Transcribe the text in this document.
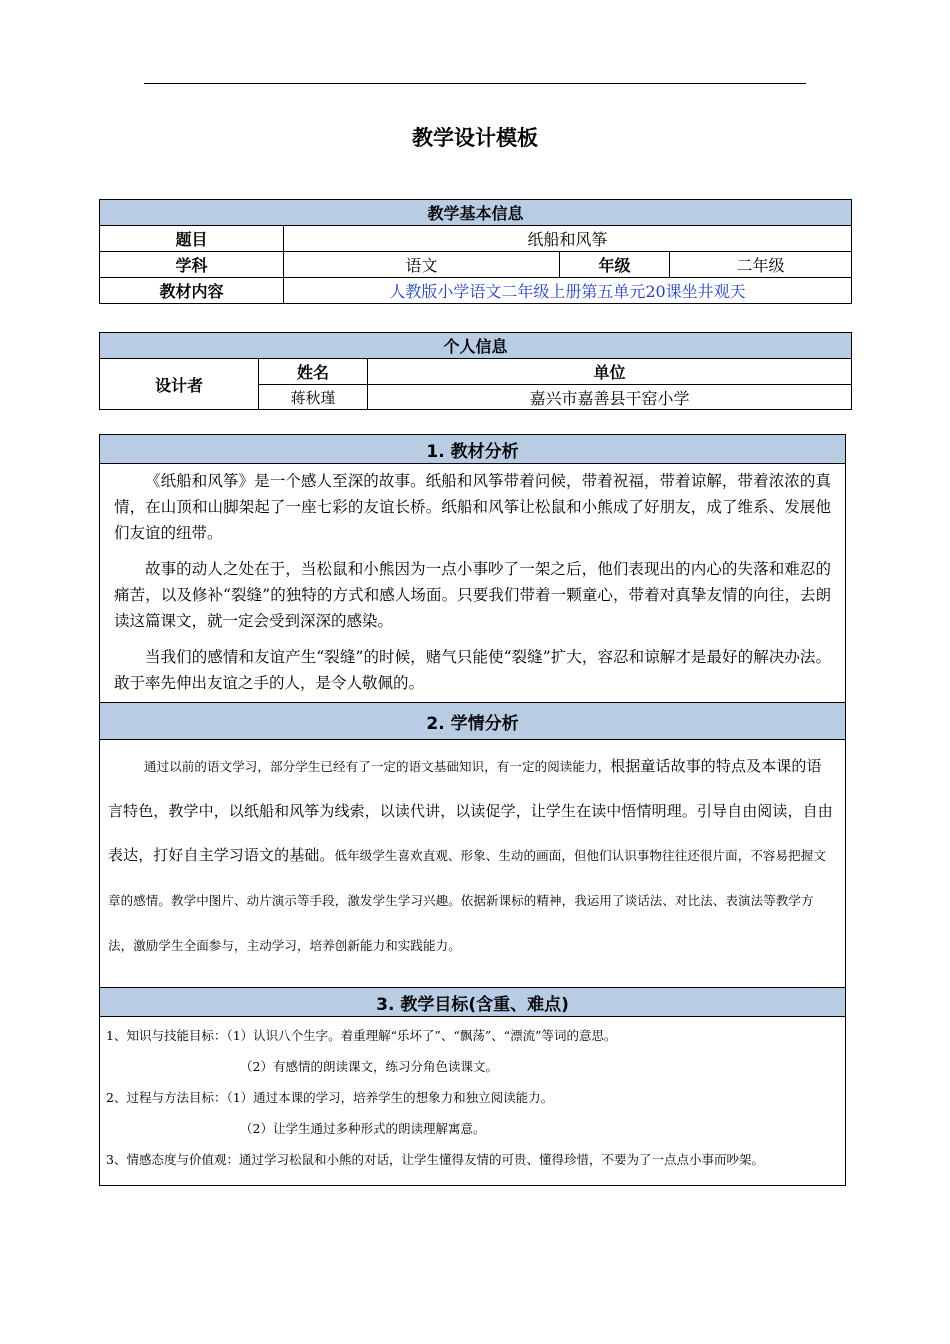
教学设计模板
教学基本信息			
题目	纸船和风筝		
学科	语文	年级	二年级
教材内容	人教版小学语文二年级上册第五单元20课坐井观天		
个人信息		
设计者	姓名	单位
	蒋秋瑾	嘉兴市嘉善县干窑小学
1. 教材分析

《纸船和风筝》是一个感人至深的故事。纸船和风筝带着问候，带着祝福，带着谅解，带着浓浓的真情，在山顶和山脚架起了一座七彩的友谊长桥。纸船和风筝让松鼠和小熊成了好朋友，成了维系、发展他们友谊的纽带。

故事的动人之处在于，当松鼠和小熊因为一点小事吵了一架之后，他们表现出的内心的失落和难忍的痛苦，以及修补“裂缝”的独特的方式和感人场面。只要我们带着一颗童心，带着对真挚友情的向往，去朗读这篇课文，就一定会受到深深的感染。

当我们的感情和友谊产生“裂缝”的时候，赌气只能使“裂缝”扩大，容忍和谅解才是最好的解决办法。敢于率先伸出友谊之手的人，是令人敬佩的。

2. 学情分析

通过以前的语文学习，部分学生已经有了一定的语文基础知识，有一定的阅读能力，根据童话故事的特点及本课的语言特色，教学中，以纸船和风筝为线索，以读代讲，以读促学，让学生在读中悟情明理。引导自由阅读，自由表达，打好自主学习语文的基础。低年级学生喜欢直观、形象、生动的画面，但他们认识事物往往还很片面，不容易把握文章的感情。教学中图片、动片演示等手段，激发学生学习兴趣。依据新课标的精神，我运用了谈话法、对比法、表演法等教学方法，激励学生全面参与，主动学习，培养创新能力和实践能力。

3. 教学目标(含重、难点)

1、知识与技能目标：（1）认识八个生字。着重理解“乐坏了”、“飘荡”、“漂流”等词的意思。

（2）有感情的朗读课文，练习分角色读课文。

2、过程与方法目标：（1）通过本课的学习，培养学生的想象力和独立阅读能力。

（2）让学生通过多种形式的朗读理解寓意。

3、情感态度与价值观：通过学习松鼠和小熊的对话，让学生懂得友情的可贵、懂得珍惜，不要为了一点点小事而吵架。
